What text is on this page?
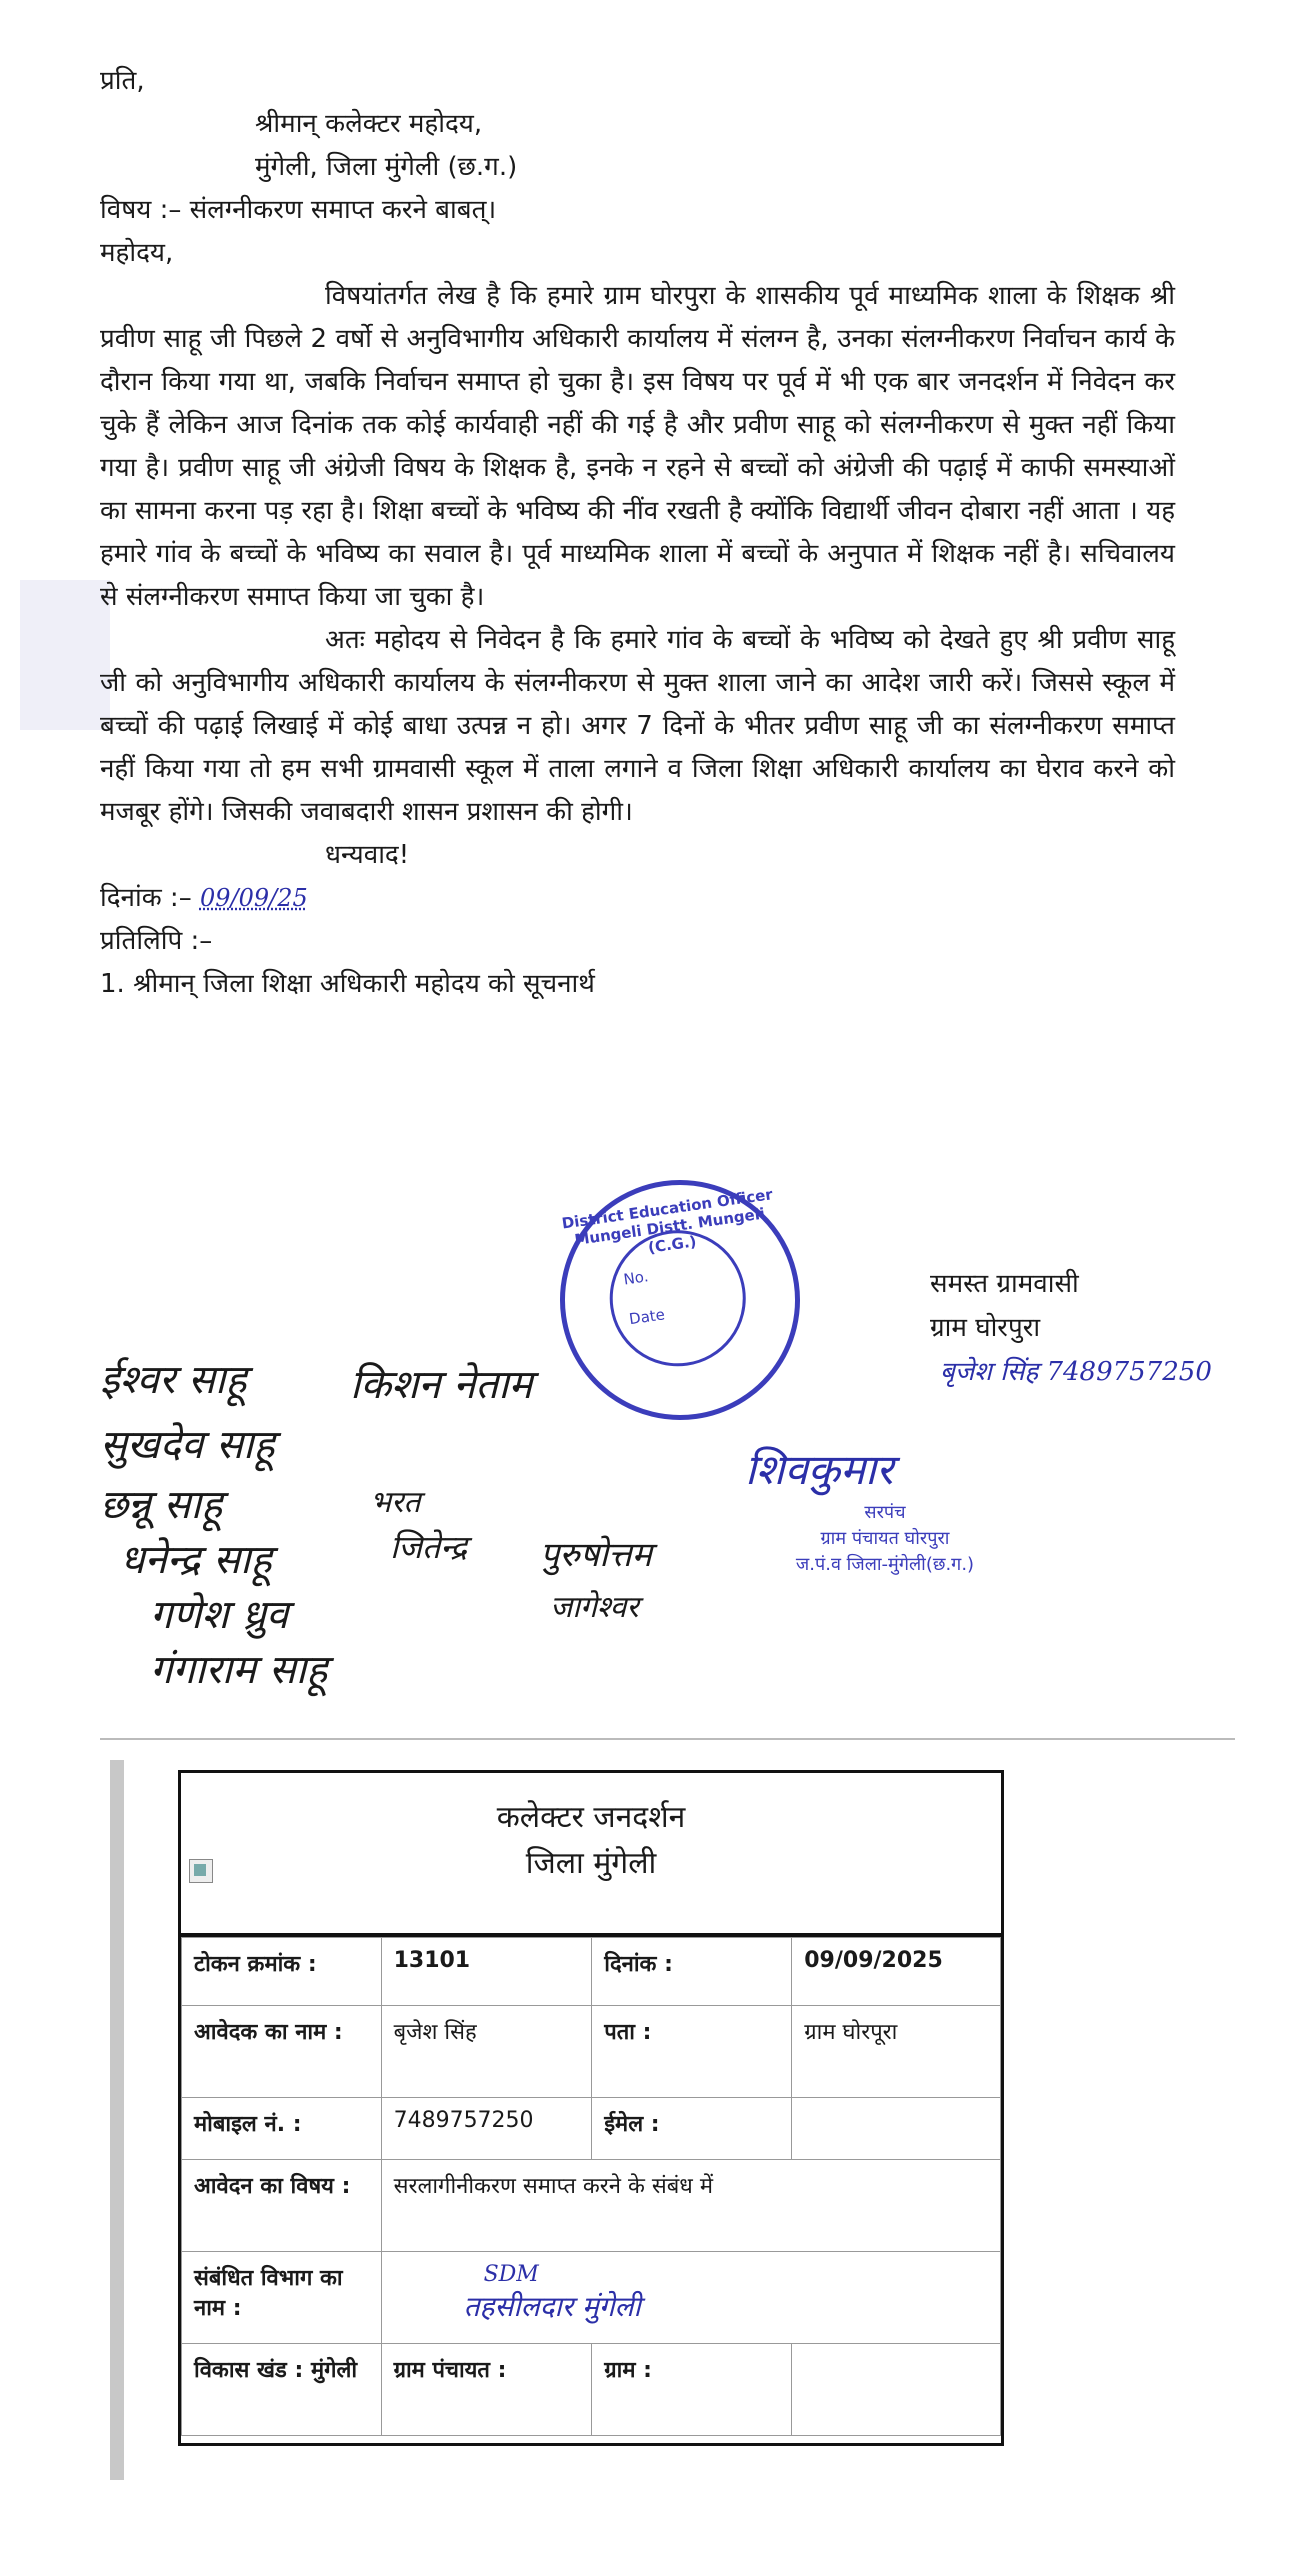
प्रति,

श्रीमान् कलेक्टर महोदय,

मुंगेली, जिला मुंगेली (छ.ग.)

विषय :– संलग्नीकरण समाप्त करने बाबत्।

महोदय,

विषयांतर्गत लेख है कि हमारे ग्राम घोरपुरा के शासकीय पूर्व माध्यमिक शाला के शिक्षक श्री प्रवीण साहू जी पिछले 2 वर्षो से अनुविभागीय अधिकारी कार्यालय में संलग्न है, उनका संलग्नीकरण निर्वाचन कार्य के दौरान किया गया था, जबकि निर्वाचन समाप्त हो चुका है। इस विषय पर पूर्व में भी एक बार जनदर्शन में निवेदन कर चुके हैं लेकिन आज दिनांक तक कोई कार्यवाही नहीं की गई है और प्रवीण साहू को संलग्नीकरण से मुक्त नहीं किया गया है। प्रवीण साहू जी अंग्रेजी विषय के शिक्षक है, इनके न रहने से बच्चों को अंग्रेजी की पढ़ाई में काफी समस्याओं का सामना करना पड़ रहा है। शिक्षा बच्चों के भविष्य की नींव रखती है क्योंकि विद्यार्थी जीवन दोबारा नहीं आता । यह हमारे गांव के बच्चों के भविष्य का सवाल है। पूर्व माध्यमिक शाला में बच्चों के अनुपात में शिक्षक नहीं है। सचिवालय से संलग्नीकरण समाप्त किया जा चुका है।

अतः महोदय से निवेदन है कि हमारे गांव के बच्चों के भविष्य को देखते हुए श्री प्रवीण साहू जी को अनुविभागीय अधिकारी कार्यालय के संलग्नीकरण से मुक्त शाला जाने का आदेश जारी करें। जिससे स्कूल में बच्चों की पढ़ाई लिखाई में कोई बाधा उत्पन्न न हो। अगर 7 दिनों के भीतर प्रवीण साहू जी का संलग्नीकरण समाप्त नहीं किया गया तो हम सभी ग्रामवासी स्कूल में ताला लगाने व जिला शिक्षा अधिकारी कार्यालय का घेराव करने को मजबूर होंगे। जिसकी जवाबदारी शासन प्रशासन की होगी।

धन्यवाद!

दिनांक :– 09/09/25

प्रतिलिपि :–

1. श्रीमान् जिला शिक्षा अधिकारी महोदय को सूचनार्थ

समस्त ग्रामवासी
ग्राम घोरपुरा
बृजेश सिंह 7489757250
District Education Officer Mungeli Distt. Mungeli (C.G.)
No.
Date
ईश्वर साहू	किशन नेताम
सुखदेव साहू
छन्नू साहू	भरत
धनेन्द्र साहू	जितेन्द्र पुरुषोत्तम
गणेश ध्रुव	जागेश्वर
गंगाराम साहू
शिवकुमार
सरपंच
ग्राम पंचायत घोरपुरा
ज.पं.व जिला-मुंगेली(छ.ग.)
कलेक्टर जनदर्शन
जिला मुंगेली
टोकन क्रमांक :	13101	दिनांक :	09/09/2025
आवेदक का नाम :	बृजेश सिंह	पता :	ग्राम घोरपूरा
मोबाइल नं. :	7489757250	ईमेल :	
आवेदन का विषय :	सरलागीनीकरण समाप्त करने के संबंध में		
संबंधित विभाग का नाम :	SDM
तहसीलदार मुंगेली		

विकास खंड : मुंगेली	ग्राम पंचायत :	ग्राम :	
